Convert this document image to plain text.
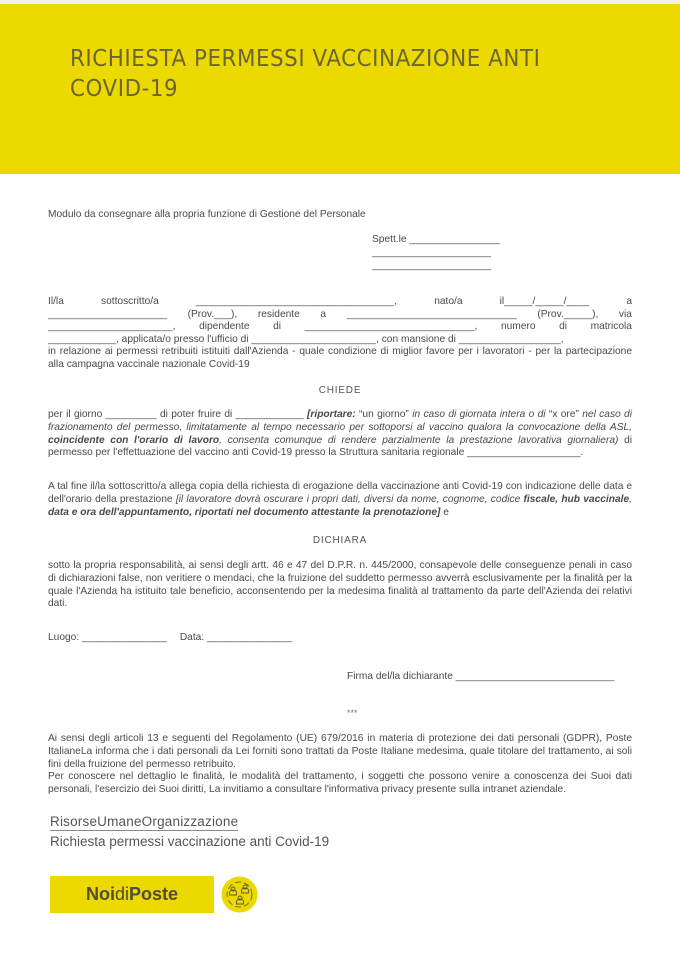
RICHIESTA PERMESSI VACCINAZIONE ANTI COVID-19
Modulo da consegnare alla propria funzione di Gestione del Personale
Spett.le ________________
_____________________
_____________________
Il/la	sottoscritto/a	___________________________________,	nato/a	il_____/_____/____	a
_____________________ (Prov.___), residente a ______________________________ (Prov._____), via
______________________, dipendente di ______________________________, numero di matricola
____________, applicata/o presso l'ufficio di ______________________, con mansione di __________________,
in relazione ai permessi retribuiti istituiti dall'Azienda - quale condizione di miglior favore per i lavoratori - per la partecipazione alla campagna vaccinale nazionale Covid-19
CHIEDE
per il giorno _________ di poter fruire di ____________ [riportare: “un giorno” in caso di giornata intera o di “x ore” nel caso di frazionamento del permesso, limitatamente al tempo necessario per sottoporsi al vaccino qualora la convocazione della ASL, coincidente con l'orario di lavoro, consenta comunque di rendere parzialmente la prestazione lavorativa giornaliera) di permesso per l'effettuazione del vaccino anti Covid-19 presso la Struttura sanitaria regionale ____________________.
A tal fine il/la sottoscritto/a allega copia della richiesta di erogazione della vaccinazione anti Covid-19 con indicazione delle data e dell'orario della prestazione [il lavoratore dovrà oscurare i propri dati, diversi da nome, cognome, codice fiscale, hub vaccinale, data e ora dell'appuntamento, riportati nel documento attestante la prenotazione] e
DICHIARA
sotto la propria responsabilità, ai sensi degli artt. 46 e 47 del D.P.R. n. 445/2000, consapevole delle conseguenze penali in caso di dichiarazioni false, non veritiere o mendaci, che la fruizione del suddetto permesso avverrà esclusivamente per la finalità per la quale l'Azienda ha istituito tale beneficio, acconsentendo per la medesima finalità al trattamento da parte dell'Azienda dei relativi dati.
Luogo: _______________ Data: _______________
Firma del/la dichiarante ____________________________
***
Ai sensi degli articoli 13 e seguenti del Regolamento (UE) 679/2016 in materia di protezione dei dati personali (GDPR), Poste ItalianeLa informa che i dati personali da Lei forniti sono trattati da Poste Italiane medesima, quale titolare del trattamento, ai soli fini della fruizione del permesso retribuito.
Per conoscere nel dettaglio le finalità, le modalità del trattamento, i soggetti che possono venire a conoscenza dei Suoi dati personali, l'esercizio dei Suoi diritti, La invitiamo a consultare l'informativa privacy presente sulla intranet aziendale.
RisorseUmaneOrganizzazione
Richiesta permessi vaccinazione anti Covid-19
Noi di Poste
